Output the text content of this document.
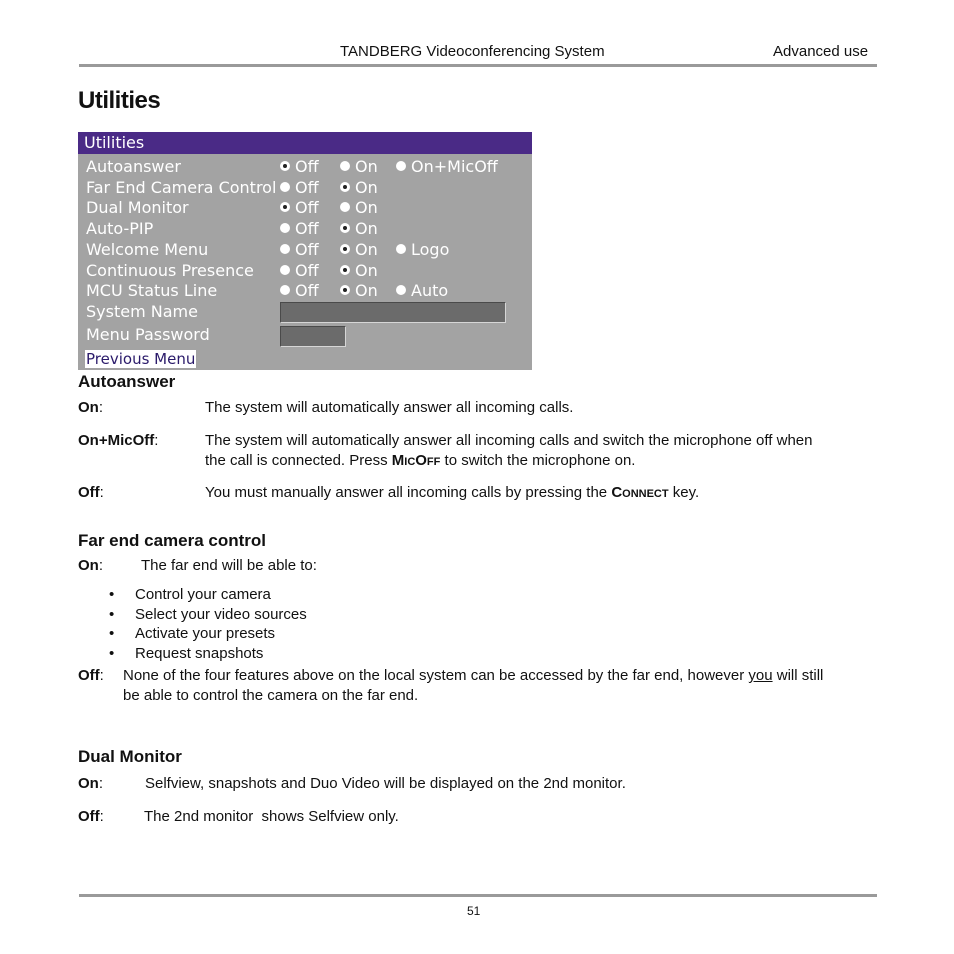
TANDBERG Videoconferencing System	Advanced use
Utilities
Utilities
Autoanswer	Off	On	On+MicOff
Far End Camera Control	Off	On
Dual Monitor	Off	On
Auto-PIP	Off	On
Welcome Menu	Off	On	Logo
Continuous Presence	Off	On
MCU Status Line	Off	On	Auto
System Name
Menu Password
Previous Menu
Autoanswer
On:	The system will automatically answer all incoming calls.
On+MicOff:	The system will automatically answer all incoming calls and switch the microphone off when
the call is connected. Press MicOff to switch the microphone on.
Off:	You must manually answer all incoming calls by pressing the Connect key.
Far end camera control
On:	The far end will be able to:
• Control your camera
• Select your video sources
• Activate your presets
• Request snapshots
Off: None of the four features above on the local system can be accessed by the far end, however you will still
be able to control the camera on the far end.
Dual Monitor
On:	Selfview, snapshots and Duo Video will be displayed on the 2nd monitor.
Off:	The 2nd monitor  shows Selfview only.
51
